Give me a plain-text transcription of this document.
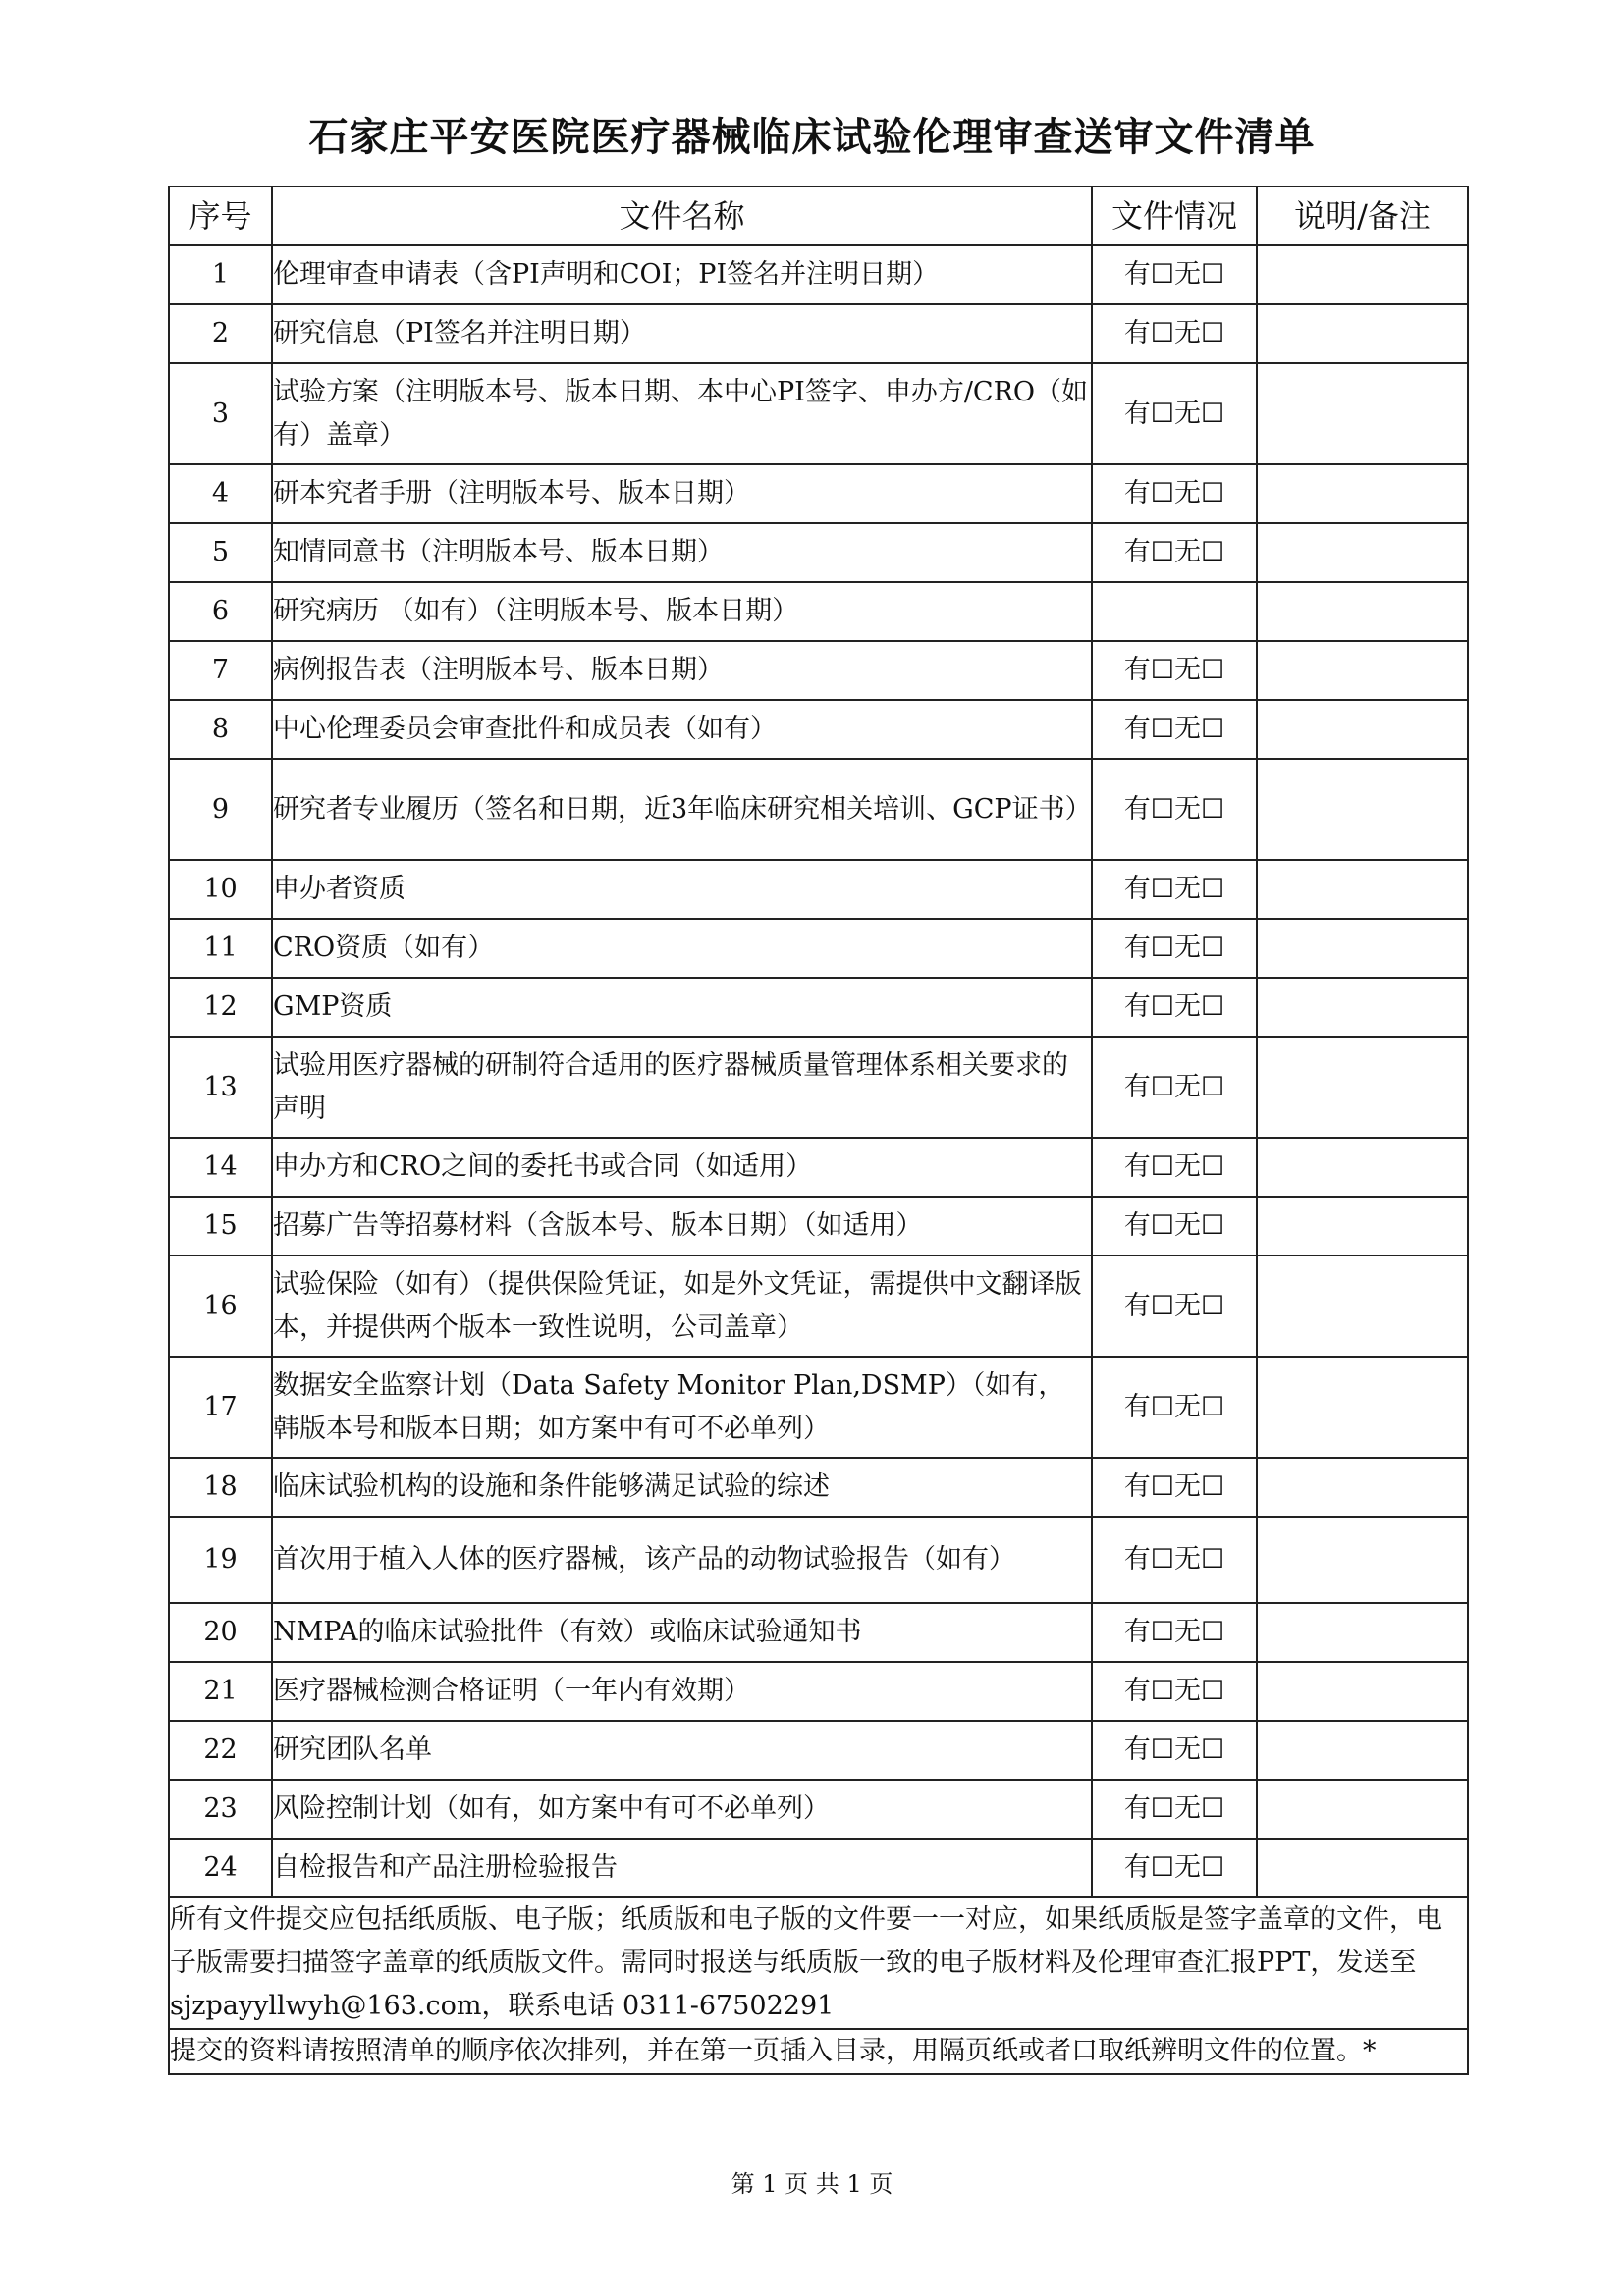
石家庄平安医院医疗器械临床试验伦理审查送审文件清单
序号	文件名称	文件情况	说明/备注
1	伦理审查申请表（含PI声明和COI；PI签名并注明日期）	有☐无☐	
2	研究信息（PI签名并注明日期）	有☐无☐	
3	试验方案（注明版本号、版本日期、本中心PI签字、申办方/CRO（如有）盖章）	有☐无☐	
4	研本究者手册（注明版本号、版本日期）	有☐无☐	
5	知情同意书（注明版本号、版本日期）	有☐无☐	
6	研究病历 （如有）（注明版本号、版本日期）		
7	病例报告表（注明版本号、版本日期）	有☐无☐	
8	中心伦理委员会审查批件和成员表（如有）	有☐无☐	
9	研究者专业履历（签名和日期，近3年临床研究相关培训、GCP证书）	有☐无☐	
10	申办者资质	有☐无☐	
11	CRO资质（如有）	有☐无☐	
12	GMP资质	有☐无☐	
13	试验用医疗器械的研制符合适用的医疗器械质量管理体系相关要求的声明	有☐无☐	
14	申办方和CRO之间的委托书或合同（如适用）	有☐无☐	
15	招募广告等招募材料（含版本号、版本日期）（如适用）	有☐无☐	
16	试验保险（如有）（提供保险凭证，如是外文凭证，需提供中文翻译版本，并提供两个版本一致性说明，公司盖章）	有☐无☐	
17	数据安全监察计划（Data Safety Monitor Plan,DSMP）（如有，韩版本号和版本日期；如方案中有可不必单列）	有☐无☐	
18	临床试验机构的设施和条件能够满足试验的综述	有☐无☐	
19	首次用于植入人体的医疗器械，该产品的动物试验报告（如有）	有☐无☐	
20	NMPA的临床试验批件（有效）或临床试验通知书	有☐无☐	
21	医疗器械检测合格证明（一年内有效期）	有☐无☐	
22	研究团队名单	有☐无☐	
23	风险控制计划（如有，如方案中有可不必单列）	有☐无☐	
24	自检报告和产品注册检验报告	有☐无☐	
所有文件提交应包括纸质版、电子版；纸质版和电子版的文件要一一对应，如果纸质版是签字盖章的文件，电子版需要扫描签字盖章的纸质版文件。需同时报送与纸质版一致的电子版材料及伦理审查汇报PPT，发送至sjzpayyllwyh@163.com，联系电话 0311-67502291			
提交的资料请按照清单的顺序依次排列，并在第一页插入目录，用隔页纸或者口取纸辨明文件的位置。*			
第 1 页 共 1 页
